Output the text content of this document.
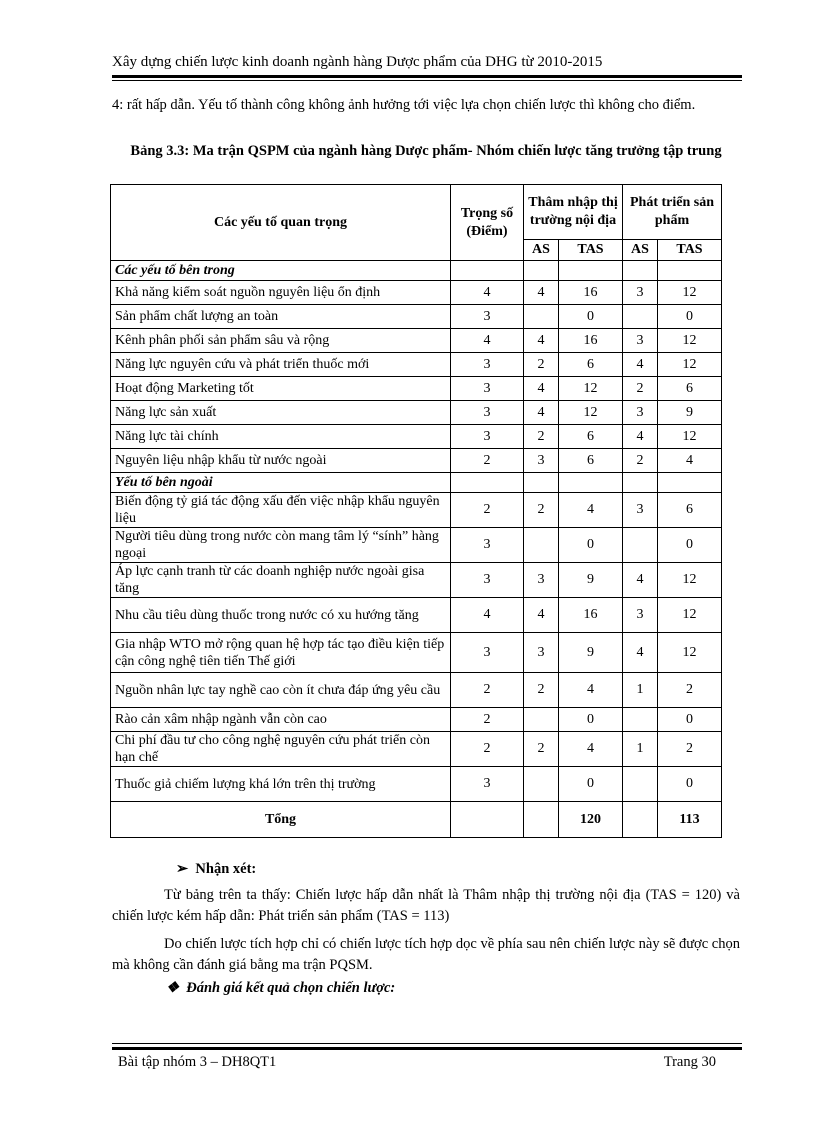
Xây dựng chiến lược kinh doanh ngành hàng Dược phẩm của DHG từ 2010-2015
4: rất hấp dẫn. Yếu tố thành công không ảnh hưởng tới việc lựa chọn chiến lược thì không cho điểm.
Bảng 3.3: Ma trận QSPM của ngành hàng Dược phẩm- Nhóm chiến lược tăng trưởng tập trung
Các yếu tố quan trọng	Trọng số (Điểm)	Thâm nhập thị trường nội địa		Phát triển sản phẩm	
		AS	TAS	AS	TAS
Các yếu tố bên trong					
Khả năng kiểm soát nguồn nguyên liệu ổn định	4	4	16	3	12
Sản phẩm chất lượng an toàn	3		0		0
Kênh phân phối sản phẩm sâu và rộng	4	4	16	3	12
Năng lực nguyên cứu và phát triển thuốc mới	3	2	6	4	12
Hoạt động Marketing tốt	3	4	12	2	6
Năng lực sản xuất	3	4	12	3	9
Năng lực tài chính	3	2	6	4	12
Nguyên liệu nhập khẩu từ nước ngoài	2	3	6	2	4
Yếu tố bên ngoài					
Biến động tỷ giá tác động xấu đến việc nhập khẩu nguyên liệu	2	2	4	3	6
Người tiêu dùng trong nước còn mang tâm lý “sính” hàng ngoại	3		0		0
Áp lực cạnh tranh từ các doanh nghiệp nước ngoài gisa tăng	3	3	9	4	12
Nhu cầu tiêu dùng thuốc trong nước có xu hướng tăng	4	4	16	3	12
Gia nhập WTO mở rộng quan hệ hợp tác tạo điều kiện tiếp cận công nghệ tiên tiến Thế giới	3	3	9	4	12
Nguồn nhân lực tay nghề cao còn ít chưa đáp ứng yêu cầu	2	2	4	1	2
Rào cản xâm nhập ngành vẫn còn cao	2		0		0
Chi phí đầu tư cho công nghệ nguyên cứu phát triển còn hạn chế	2	2	4	1	2
Thuốc giả chiếm lượng khá lớn trên thị trường	3		0		0
Tổng			120		113
➢ Nhận xét:
Từ bảng trên ta thấy: Chiến lược hấp dẫn nhất là Thâm nhập thị trường nội địa (TAS = 120) và chiến lược kém hấp dẫn: Phát triển sản phẩm (TAS = 113)
Do chiến lược tích hợp chỉ có chiến lược tích hợp dọc về phía sau nên chiến lược này sẽ được chọn mà không cần đánh giá bằng ma trận PQSM.
❖ Đánh giá kết quả chọn chiến lược:
Bài tập nhóm 3 – DH8QT1	Trang 30
